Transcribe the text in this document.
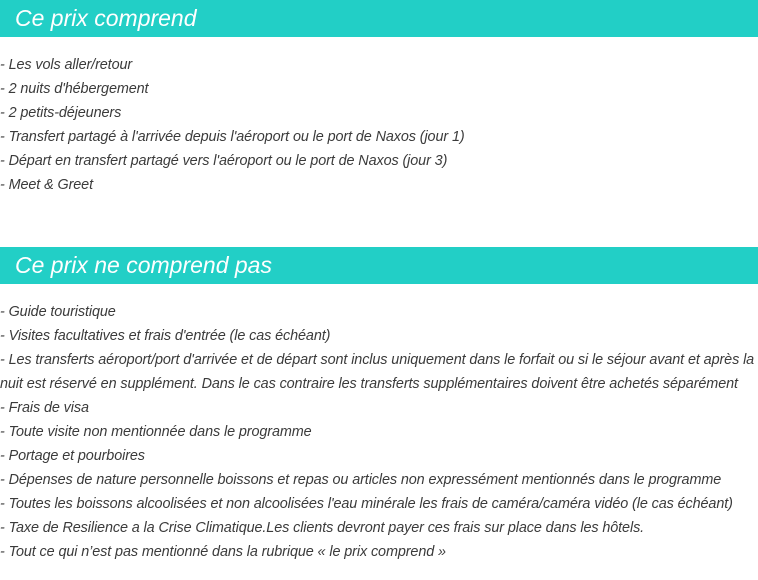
Ce prix comprend
- Les vols aller/retour
- 2 nuits d'hébergement
- 2 petits-déjeuners
- Transfert partagé à l'arrivée depuis l'aéroport ou le port de Naxos (jour 1)
- Départ en transfert partagé vers l'aéroport ou le port de Naxos (jour 3)
- Meet & Greet
Ce prix ne comprend pas
- Guide touristique
- Visites facultatives et frais d'entrée (le cas échéant)
- Les transferts aéroport/port d'arrivée et de départ sont inclus uniquement dans le forfait ou si le séjour avant et après la nuit est réservé en supplément. Dans le cas contraire les transferts supplémentaires doivent être achetés séparément
- Frais de visa
- Toute visite non mentionnée dans le programme
- Portage et pourboires
- Dépenses de nature personnelle boissons et repas ou articles non expressément mentionnés dans le programme
- Toutes les boissons alcoolisées et non alcoolisées l'eau minérale les frais de caméra/caméra vidéo (le cas échéant)
- Taxe de Resilience a la Crise Climatique.Les clients devront payer ces frais sur place dans les hôtels.
- Tout ce qui n’est pas mentionné dans la rubrique « le prix comprend »
